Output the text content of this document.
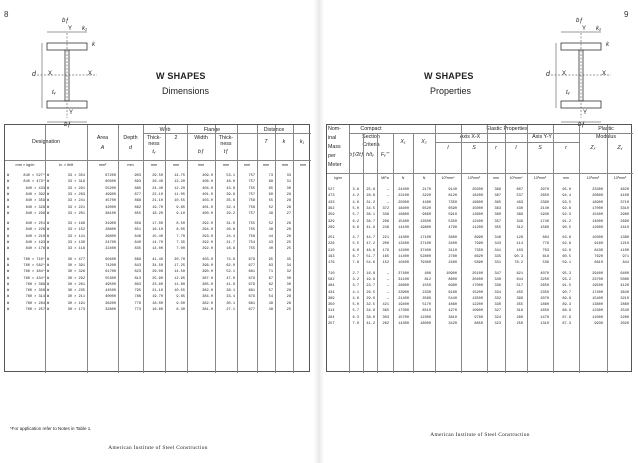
8
bƒ
Y k₁
k
d X	X
tᵥ
Y
bƒ
W SHAPES
Dimensions
Designation
Area
A
Depth
d
Web
Thick-
ness
tᵥ
2
Flange
Width
bƒ
Thick-
ness
tƒ
Distance
T	k	k₁
mm × kg/m	in. × lb/ft	mm²	mm	mm	mm	mm	mm	mm	mm	mm	mm
W	840 × 527* W	33 × 354	67200	903	29.50	14.75	409.0	53.1	757	73	33
W	840 × 473* W	33 × 318	60300	893	26.40	13.20	406.0	48.0	757	68	31
W	840 × 433 W	33 × 291	55200	885	24.40	12.20	404.0	43.8	755	65	30
W	840 × 392 W	33 × 263	49900	877	22.10	11.05	401.0	39.9	757	60	29
W	840 × 359 W	33 × 241	45700	868	21.10	10.55	403.0	35.6	758	55	28
W	840 × 329 W	33 × 221	42000	862	19.70	9.85	401.0	32.4	758	52	28
W	840 × 299 W	33 × 201	38100	855	18.20	9.10	400.0	29.2	757	49	27
W	840 × 251 W	33 × 169	31900	859	17.00	8.50	292.0	31.0	755	52	26
W	840 × 226 W	33 × 152	28800	851	16.10	8.05	294.0	26.8	755	48	26
W	840 × 210 W	33 × 141	26800	846	15.40	7.70	293.0	24.4	758	44	26
W	840 × 193 W	33 × 130	24700	840	14.70	7.35	292.0	21.7	754	43	25
W	840 × 176 W	33 × 118	22400	835	14.00	7.00	292.0	18.8	755	40	25
W	760 × 710* W	30 × 477	90400	869	41.40	20.70	403.0	74.9	679	95	35
W	760 × 582* W	30 × 391	74200	843	34.50	17.25	396.0	62.0	677	83	34
W	760 × 484* W	30 × 326	61700	823	29.00	14.50	390.0	52.1	681	71	32
W	760 × 434* W	30 × 292	55300	813	25.90	12.95	387.0	47.0	679	67	30
W	760 × 389 W	30 × 261	49500	803	23.60	11.80	385.0	41.9	679	62	30
W	760 × 350 W	30 × 235	44500	795	21.10	10.55	382.0	38.1	681	57	28
W	760 × 314 W	30 × 211	40000	786	19.70	9.85	384.0	33.4	679	54	28
W	760 × 284 W	30 × 191	36200	779	18.00	9.00	382.0	30.1	681	49	28
W	760 × 257 W	30 × 173	32800	773	16.60	8.30	381.0	27.1	677	48	25
*For application refer to Notes in Table 1.
American Institute of Steel Construction
9
W SHAPES
Properties
bƒ
Y k₁
k
d X	X
tᵥ
Y
bƒ
Nom-
inal
Mass
per
Meter
Compact
Section
Criteria
bƒ/2tƒ h/tᵥ	Fᵧ'''
X₁	X₂
Elastic Properties
Axis X-X	Axis Y-Y
I	S	r	I	S	r
Plastic
Modulus
Zₓ	Zᵧ
kg/m	MPa	N	N	10⁶mm⁴	10³mm³	mm	10⁶mm⁴	10³mm³	mm	10³mm³	10³mm³
527	3.8	25.8	—	24400	2170	9140	20200	369	607	2970	95.0	23300	4620
473	4.2	28.8	—	22100	3220	8120	18200	367	537	2650	94.4	20800	4100
433	4.6	31.2	—	20300	4480	7350	16600	365	483	2390	93.5	18900	3710
392	5.0	34.5	372	18400	6520	6590	15000	363	430	2140	92.8	17000	3310
359	5.7	36.1	338	16800	9660	5910	13600	360	389	1930	92.3	15400	2980
329	6.2	38.7	296	15400	13500	5350	12400	357	349	1740	91.2	14000	2690
299	6.8	41.9	248	14100	19800	4790	11200	355	312	1560	90.5	12600	2410
251	4.7	44.7	221	14300	17100	3860	8990	348	129	884	63.6	10300	1380
226	5.5	47.2	200	13400	27100	3400	7990	343	114	776	62.8	9160	1210
210	6.0	48.6	179	12400	37400	3110	7350	341	103	703	62.0	8430	1100
193	6.7	51.7	165	11400	52800	2780	6620	335	90.3	618	60.5	7620	971
176	7.8	54.6	152	10400	79300	2460	5890	331	78.2	536	59.1	6810	844
710	2.7	16.8	—	37400	406	10900	25100	347	821	4070	95.3	29400	6400
582	3.2	19.9	—	31100	812	8600	20400	340	644	3250	93.2	23700	5080
484	3.7	23.7	—	26600	1550	6980	17000	336	517	2650	91.5	19500	4120
434	4.1	26.5	—	23900	2330	6180	15200	334	455	2350	90.7	17400	3640
389	4.6	29.0	—	21400	3560	5440	13500	332	399	2070	89.8	15400	3210
350	5.0	32.5	421	19400	5170	4860	12200	330	355	1860	89.3	13800	2860
314	5.7	34.8	365	17300	8510	4270	10900	327	316	1650	88.9	12300	2540
284	6.3	38.0	303	15700	12300	3810	9780	324	280	1470	87.9	11000	2260
257	7.0	41.2	262	14300	18000	3420	8850	323	250	1310	87.3	9930	2020
American Institute of Steel Construction
